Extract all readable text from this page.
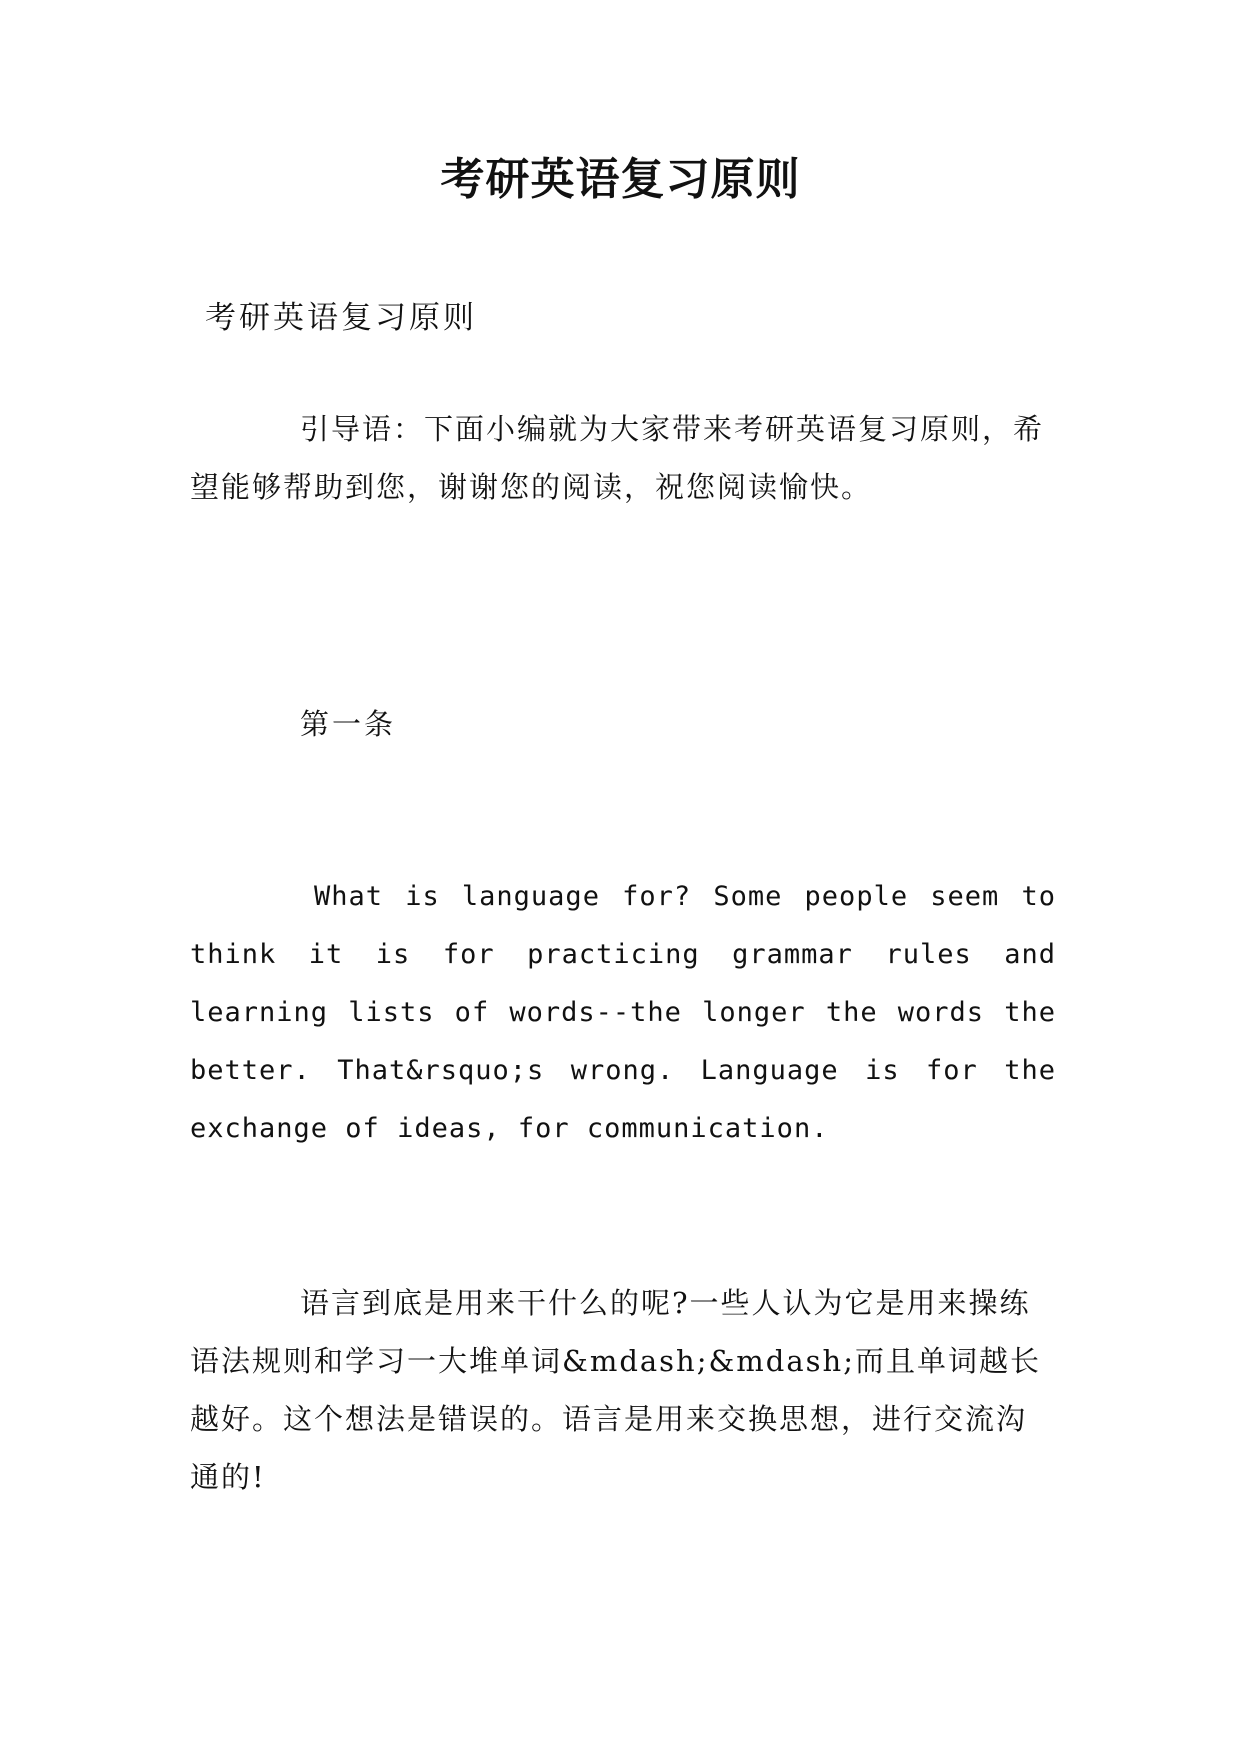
考研英语复习原则
考研英语复习原则

引导语：下面小编就为大家带来考研英语复习原则，希望能够帮助到您，谢谢您的阅读，祝您阅读愉快。

第一条

What is language for? Some people seem to think it is for practicing grammar rules and learning lists of words--the longer the words the better. That&rsquo;s wrong. Language is for the exchange of ideas, for communication.

语言到底是用来干什么的呢?一些人认为它是用来操练语法规则和学习一大堆单词&mdash;&mdash;而且单词越长越好。这个想法是错误的。语言是用来交换思想，进行交流沟通的!
